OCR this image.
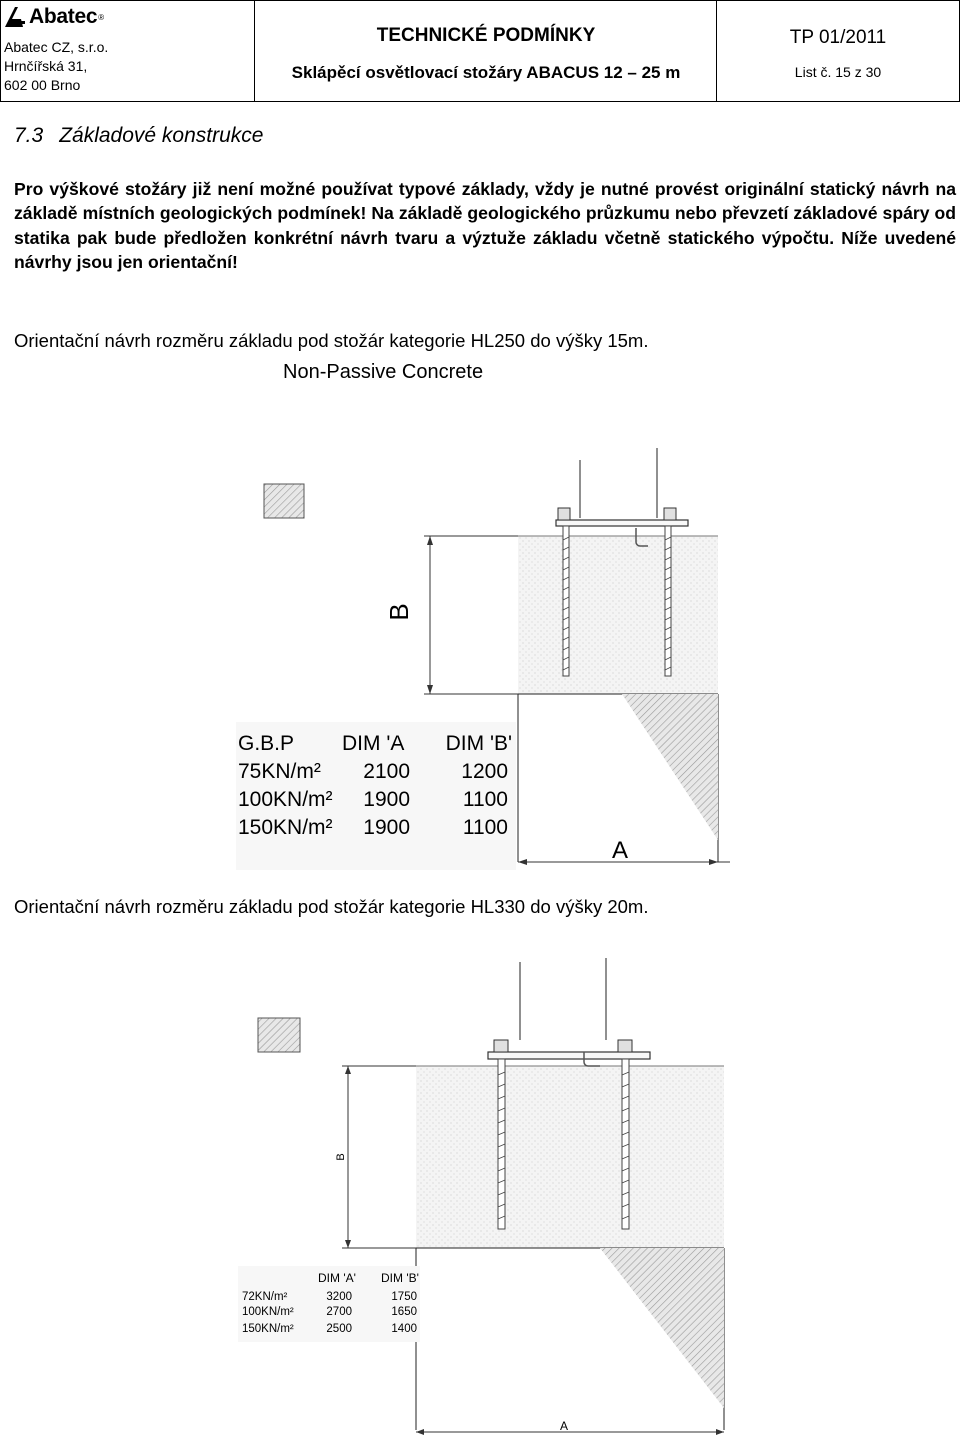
Abatec ®
Abatec CZ, s.r.o.
Hrnčířská 31,
602 00 Brno
TECHNICKÉ PODMÍNKY
Sklápěcí osvětlovací stožáry ABACUS 12 – 25 m
TP 01/2011
List č. 15 z 30
7.3 Základové konstrukce
Pro výškové stožáry již není možné používat typové základy, vždy je nutné provést originální statický návrh na základě místních geologických podmínek! Na základě geologického průzkumu nebo převzetí základové spáry od statika pak bude předložen konkrétní návrh tvaru a výztuže základu včetně statického výpočtu. Níže uvedené návrhy jsou jen orientační!
Orientační návrh rozměru základu pod stožár kategorie HL250 do výšky 15m.
Non-Passive Concrete
B
A
G.B.P DIM 'A DIM 'B'
75KN/m² 2100 1200
100KN/m² 1900	1100
150KN/m² 1900	1100
Orientační návrh rozměru základu pod stožár kategorie HL330 do výšky 20m.
B
A
DIM 'A' DIM 'B'
72KN/m²	3200	1750
100KN/m²	2700	1650
150KN/m²	2500	1400
